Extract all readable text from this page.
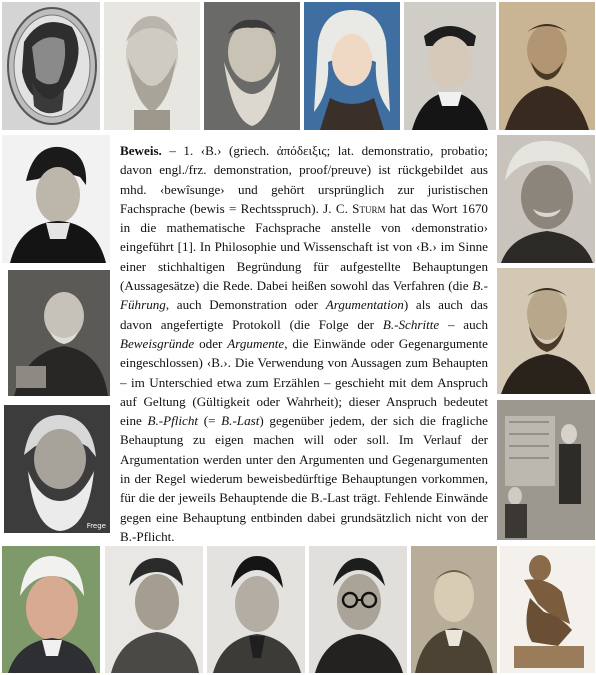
Frege

Beweis. – 1. ‹B.› (griech. ἀπόδειξις; lat. demonstratio, probatio; davon engl./frz. demonstration, proof/preuve) ist rückgebildet aus mhd. ‹bewîsunge› und gehört ursprünglich zur juristischen Fachsprache (bewis = Rechtsspruch). J. C. Sturm hat das Wort 1670 in die mathematische Fachsprache anstelle von ‹demonstratio› eingeführt [1]. In Philosophie und Wissenschaft ist von ‹B.› im Sinne einer stichhaltigen Begründung für aufgestellte Behauptungen (Aussagesätze) die Rede. Dabei heißen sowohl das Verfahren (die B.-Führung, auch Demonstration oder Argumentation) als auch das davon angefertigte Protokoll (die Folge der B.-Schritte – auch Beweisgründe oder Argumente, die Einwände oder Gegenargumente eingeschlossen) ‹B.›. Die Verwendung von Aussagen zum Behaupten – im Unterschied etwa zum Erzählen – geschieht mit dem Anspruch auf Geltung (Gültigkeit oder Wahrheit); dieser Anspruch bedeutet eine B.-Pflicht (= B.-Last) gegenüber jedem, der sich die fragliche Behauptung zu eigen machen will oder soll. Im Verlauf der Argumentation werden unter den Argumenten und Gegenargumenten in der Regel wiederum beweisbedürftige Behauptungen vorkommen, für die der jeweils Behauptende die B.-Last trägt. Fehlende Einwände gegen eine Behauptung entbinden dabei grundsätzlich nicht von der B.-Pflicht.
